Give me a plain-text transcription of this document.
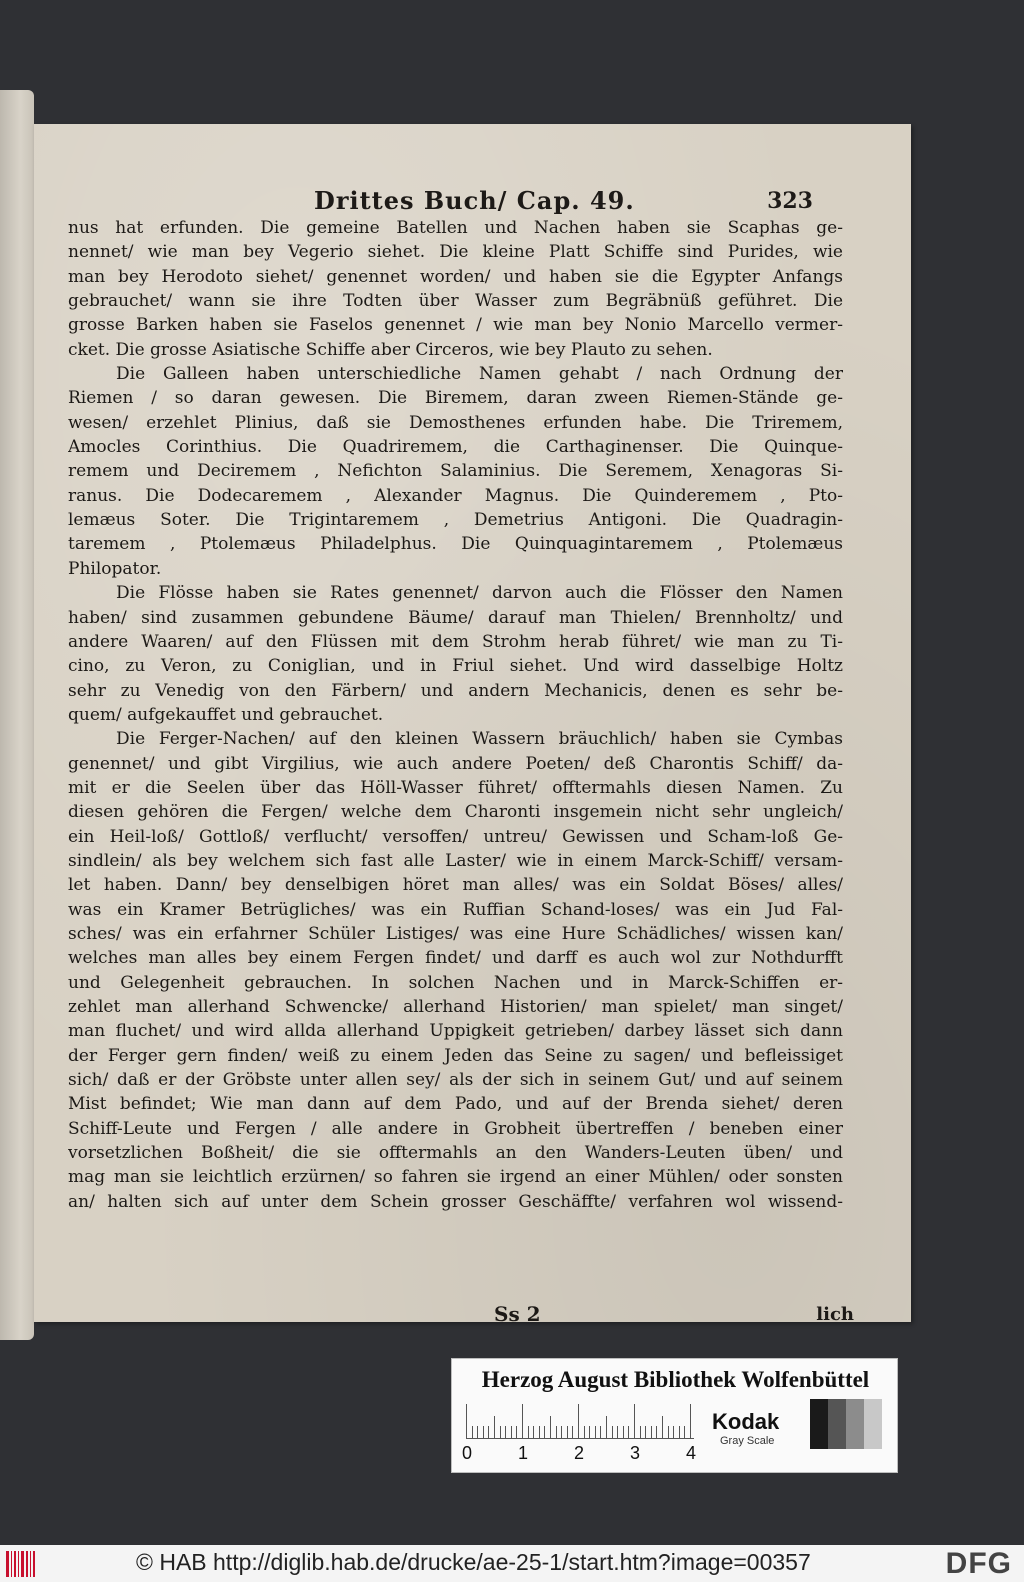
Drittes Buch/ Cap. 49.	323
nus hat erfunden. Die gemeine Batellen und Nachen haben sie Scaphas ge-
nennet/ wie man bey Vegerio siehet. Die kleine Platt Schiffe sind Purides, wie
man bey Herodoto siehet/ genennet worden/ und haben sie die Egypter Anfangs
gebrauchet/ wann sie ihre Todten über Wasser zum Begräbnüß geführet. Die
grosse Barken haben sie Faselos genennet / wie man bey Nonio Marcello vermer-
cket. Die grosse Asiatische Schiffe aber Circeros, wie bey Plauto zu sehen.
Die Galleen haben unterschiedliche Namen gehabt / nach Ordnung der
Riemen / so daran gewesen. Die Biremem, daran zween Riemen-Stände ge-
wesen/ erzehlet Plinius, daß sie Demosthenes erfunden habe. Die Triremem,
Amocles Corinthius. Die Quadriremem, die Carthaginenser. Die Quinque-
remem und Deciremem , Nefichton Salaminius. Die Seremem, Xenagoras Si-
ranus. Die Dodecaremem , Alexander Magnus. Die Quinderemem , Pto-
lemæus Soter. Die Trigintaremem , Demetrius Antigoni. Die Quadragin-
taremem , Ptolemæus Philadelphus. Die Quinquagintaremem , Ptolemæus
Philopator.
Die Flösse haben sie Rates genennet/ darvon auch die Flösser den Namen
haben/ sind zusammen gebundene Bäume/ darauf man Thielen/ Brennholtz/ und
andere Waaren/ auf den Flüssen mit dem Strohm herab führet/ wie man zu Ti-
cino, zu Veron, zu Coniglian, und in Friul siehet. Und wird dasselbige Holtz
sehr zu Venedig von den Färbern/ und andern Mechanicis, denen es sehr be-
quem/ aufgekauffet und gebrauchet.
Die Ferger-Nachen/ auf den kleinen Wassern bräuchlich/ haben sie Cymbas
genennet/ und gibt Virgilius, wie auch andere Poeten/ deß Charontis Schiff/ da-
mit er die Seelen über das Höll-Wasser führet/ offtermahls diesen Namen. Zu
diesen gehören die Fergen/ welche dem Charonti insgemein nicht sehr ungleich/
ein Heil-loß/ Gottloß/ verflucht/ versoffen/ untreu/ Gewissen und Scham-loß Ge-
sindlein/ als bey welchem sich fast alle Laster/ wie in einem Marck-Schiff/ versam-
let haben. Dann/ bey denselbigen höret man alles/ was ein Soldat Böses/ alles/
was ein Kramer Betrügliches/ was ein Ruffian Schand-loses/ was ein Jud Fal-
sches/ was ein erfahrner Schüler Listiges/ was eine Hure Schädliches/ wissen kan/
welches man alles bey einem Fergen findet/ und darff es auch wol zur Nothdurfft
und Gelegenheit gebrauchen. In solchen Nachen und in Marck-Schiffen er-
zehlet man allerhand Schwencke/ allerhand Historien/ man spielet/ man singet/
man fluchet/ und wird allda allerhand Uppigkeit getrieben/ darbey lässet sich dann
der Ferger gern finden/ weiß zu einem Jeden das Seine zu sagen/ und befleissiget
sich/ daß er der Gröbste unter allen sey/ als der sich in seinem Gut/ und auf seinem
Mist befindet; Wie man dann auf dem Pado, und auf der Brenda siehet/ deren
Schiff-Leute und Fergen / alle andere in Grobheit übertreffen / beneben einer
vorsetzlichen Boßheit/ die sie offtermahls an den Wanders-Leuten üben/ und
mag man sie leichtlich erzürnen/ so fahren sie irgend an einer Mühlen/ oder sonsten
an/ halten sich auf unter dem Schein grosser Geschäffte/ verfahren wol wissend-
Ss 2	lich
Herzog August Bibliothek Wolfenbüttel
0	1	2	3	4
Kodak
Gray Scale
© HAB http://diglib.hab.de/drucke/ae-25-1/start.htm?image=00357	DFG
